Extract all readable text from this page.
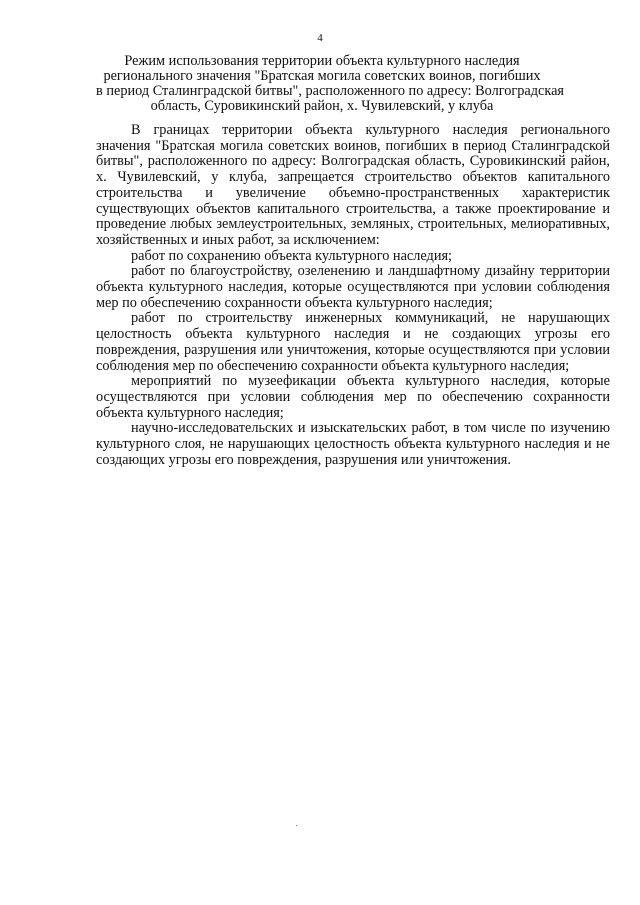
4
Режим использования территории объекта культурного наследия
регионального значения "Братская могила советских воинов, погибших
в период Сталинградской битвы", расположенного по адресу: Волгоградская
область, Суровикинский район, х. Чувилевский, у клуба

В границах территории объекта культурного наследия регионального значения "Братская могила советских воинов, погибших в период Сталинградской битвы", расположенного по адресу: Волгоградская область, Суровикинский район, х. Чувилевский, у клуба, запрещается строительство объектов капитального строительства и увеличение объемно-пространственных характеристик существующих объектов капитального строительства, а также проектирование и проведение любых землеустроительных, земляных, строительных, мелиоративных, хозяйственных и иных работ, за исключением:

работ по сохранению объекта культурного наследия;

работ по благоустройству, озеленению и ландшафтному дизайну территории объекта культурного наследия, которые осуществляются при условии соблюдения мер по обеспечению сохранности объекта культурного наследия;

работ по строительству инженерных коммуникаций, не нарушающих целостность объекта культурного наследия и не создающих угрозы его повреждения, разрушения или уничтожения, которые осуществляются при условии соблюдения мер по обеспечению сохранности объекта культурного наследия;

мероприятий по музеефикации объекта культурного наследия, которые осуществляются при условии соблюдения мер по обеспечению сохранности объекта культурного наследия;

научно-исследовательских и изыскательских работ, в том числе по изучению культурного слоя, не нарушающих целостность объекта культурного наследия и не создающих угрозы его повреждения, разрушения или уничтожения.
